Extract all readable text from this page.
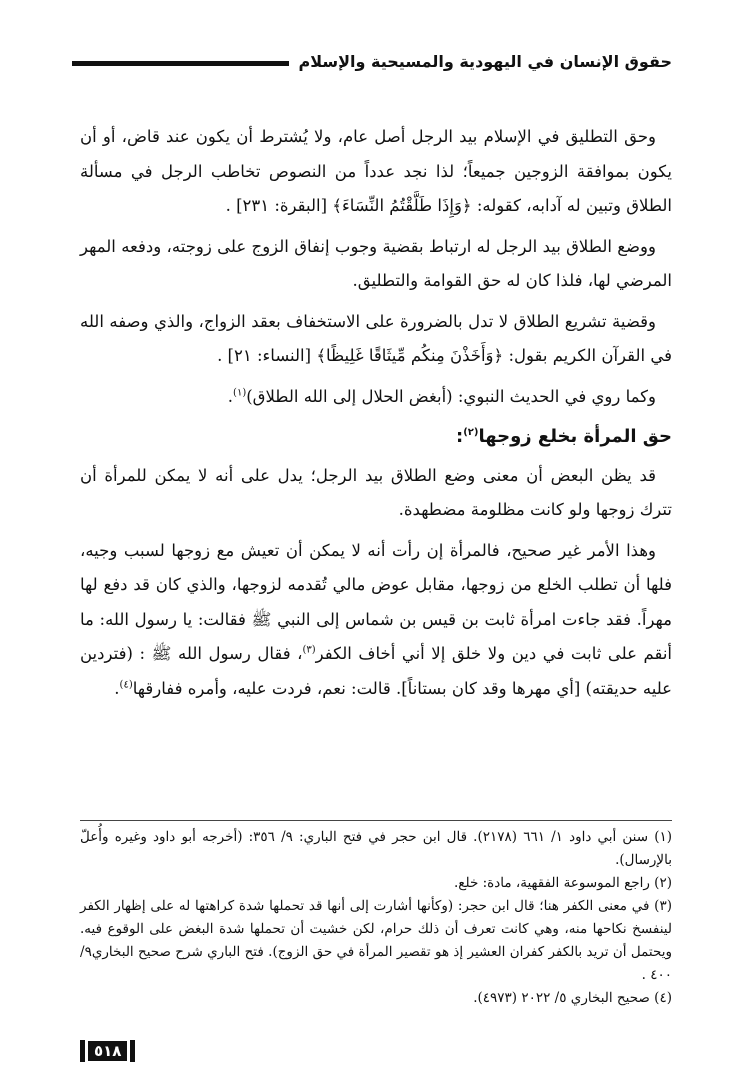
حقوق الإنسان في اليهودية والمسيحية والإسلام

وحق التطليق في الإسلام بيد الرجل أصل عام، ولا يُشترط أن يكون عند قاض، أو أن يكون بموافقة الزوجين جميعاً؛ لذا نجد عدداً من النصوص تخاطب الرجل في مسألة الطلاق وتبين له آدابه، كقوله: ﴿وَإِذَا طَلَّقْتُمُ النِّسَاءَ﴾ [البقرة: ٢٣١] .

ووضع الطلاق بيد الرجل له ارتباط بقضية وجوب إنفاق الزوج على زوجته، ودفعه المهر المرضي لها، فلذا كان له حق القوامة والتطليق.

وقضية تشريع الطلاق لا تدل بالضرورة على الاستخفاف بعقد الزواج، والذي وصفه الله في القرآن الكريم بقول: ﴿وَأَخَذْنَ مِنكُم مِّيثَاقًا غَلِيظًا﴾ [النساء: ٢١] .

وكما روي في الحديث النبوي: (أبغض الحلال إلى الله الطلاق)$^{(١)}$.

حق المرأة بخلع زوجها$^{(٢)}$:

قد يظن البعض أن معنى وضع الطلاق بيد الرجل؛ يدل على أنه لا يمكن للمرأة أن تترك زوجها ولو كانت مظلومة مضطهدة.

وهذا الأمر غير صحيح، فالمرأة إن رأت أنه لا يمكن أن تعيش مع زوجها لسبب وجيه، فلها أن تطلب الخلع من زوجها، مقابل عوض مالي تُقدمه لزوجها، والذي كان قد دفع لها مهراً. فقد جاءت امرأة ثابت بن قيس بن شماس إلى النبي ﷺ فقالت: يا رسول الله: ما أنقم على ثابت في دين ولا خلق إلا أني أخاف الكفر$^{(٣)}$، فقال رسول الله ﷺ : (فتردين عليه حديقته) [أي مهرها وقد كان بستاناً]. قالت: نعم، فردت عليه، وأمره ففارقها$^{(٤)}$.

(١) سنن أبي داود ١/ ٦٦١ (٢١٧٨). قال ابن حجر في فتح الباري: ٩/ ٣٥٦: (أخرجه أبو داود وغيره وأُعلّ بالإرسال).

(٢) راجع الموسوعة الفقهية، مادة: خلع.

(٣) في معنى الكفر هنا؛ قال ابن حجر: (وكأنها أشارت إلى أنها قد تحملها شدة كراهتها له على إظهار الكفر لينفسخ نكاحها منه، وهي كانت تعرف أن ذلك حرام، لكن خشيت أن تحملها شدة البغض على الوقوع فيه. ويحتمل أن تريد بالكفر كفران العشير إذ هو تقصير المرأة في حق الزوج). فتح الباري شرح صحيح البخاري٩/ ٤٠٠ .

(٤) صحيح البخاري ٥/ ٢٠٢٢ (٤٩٧٣).

٥١٨
